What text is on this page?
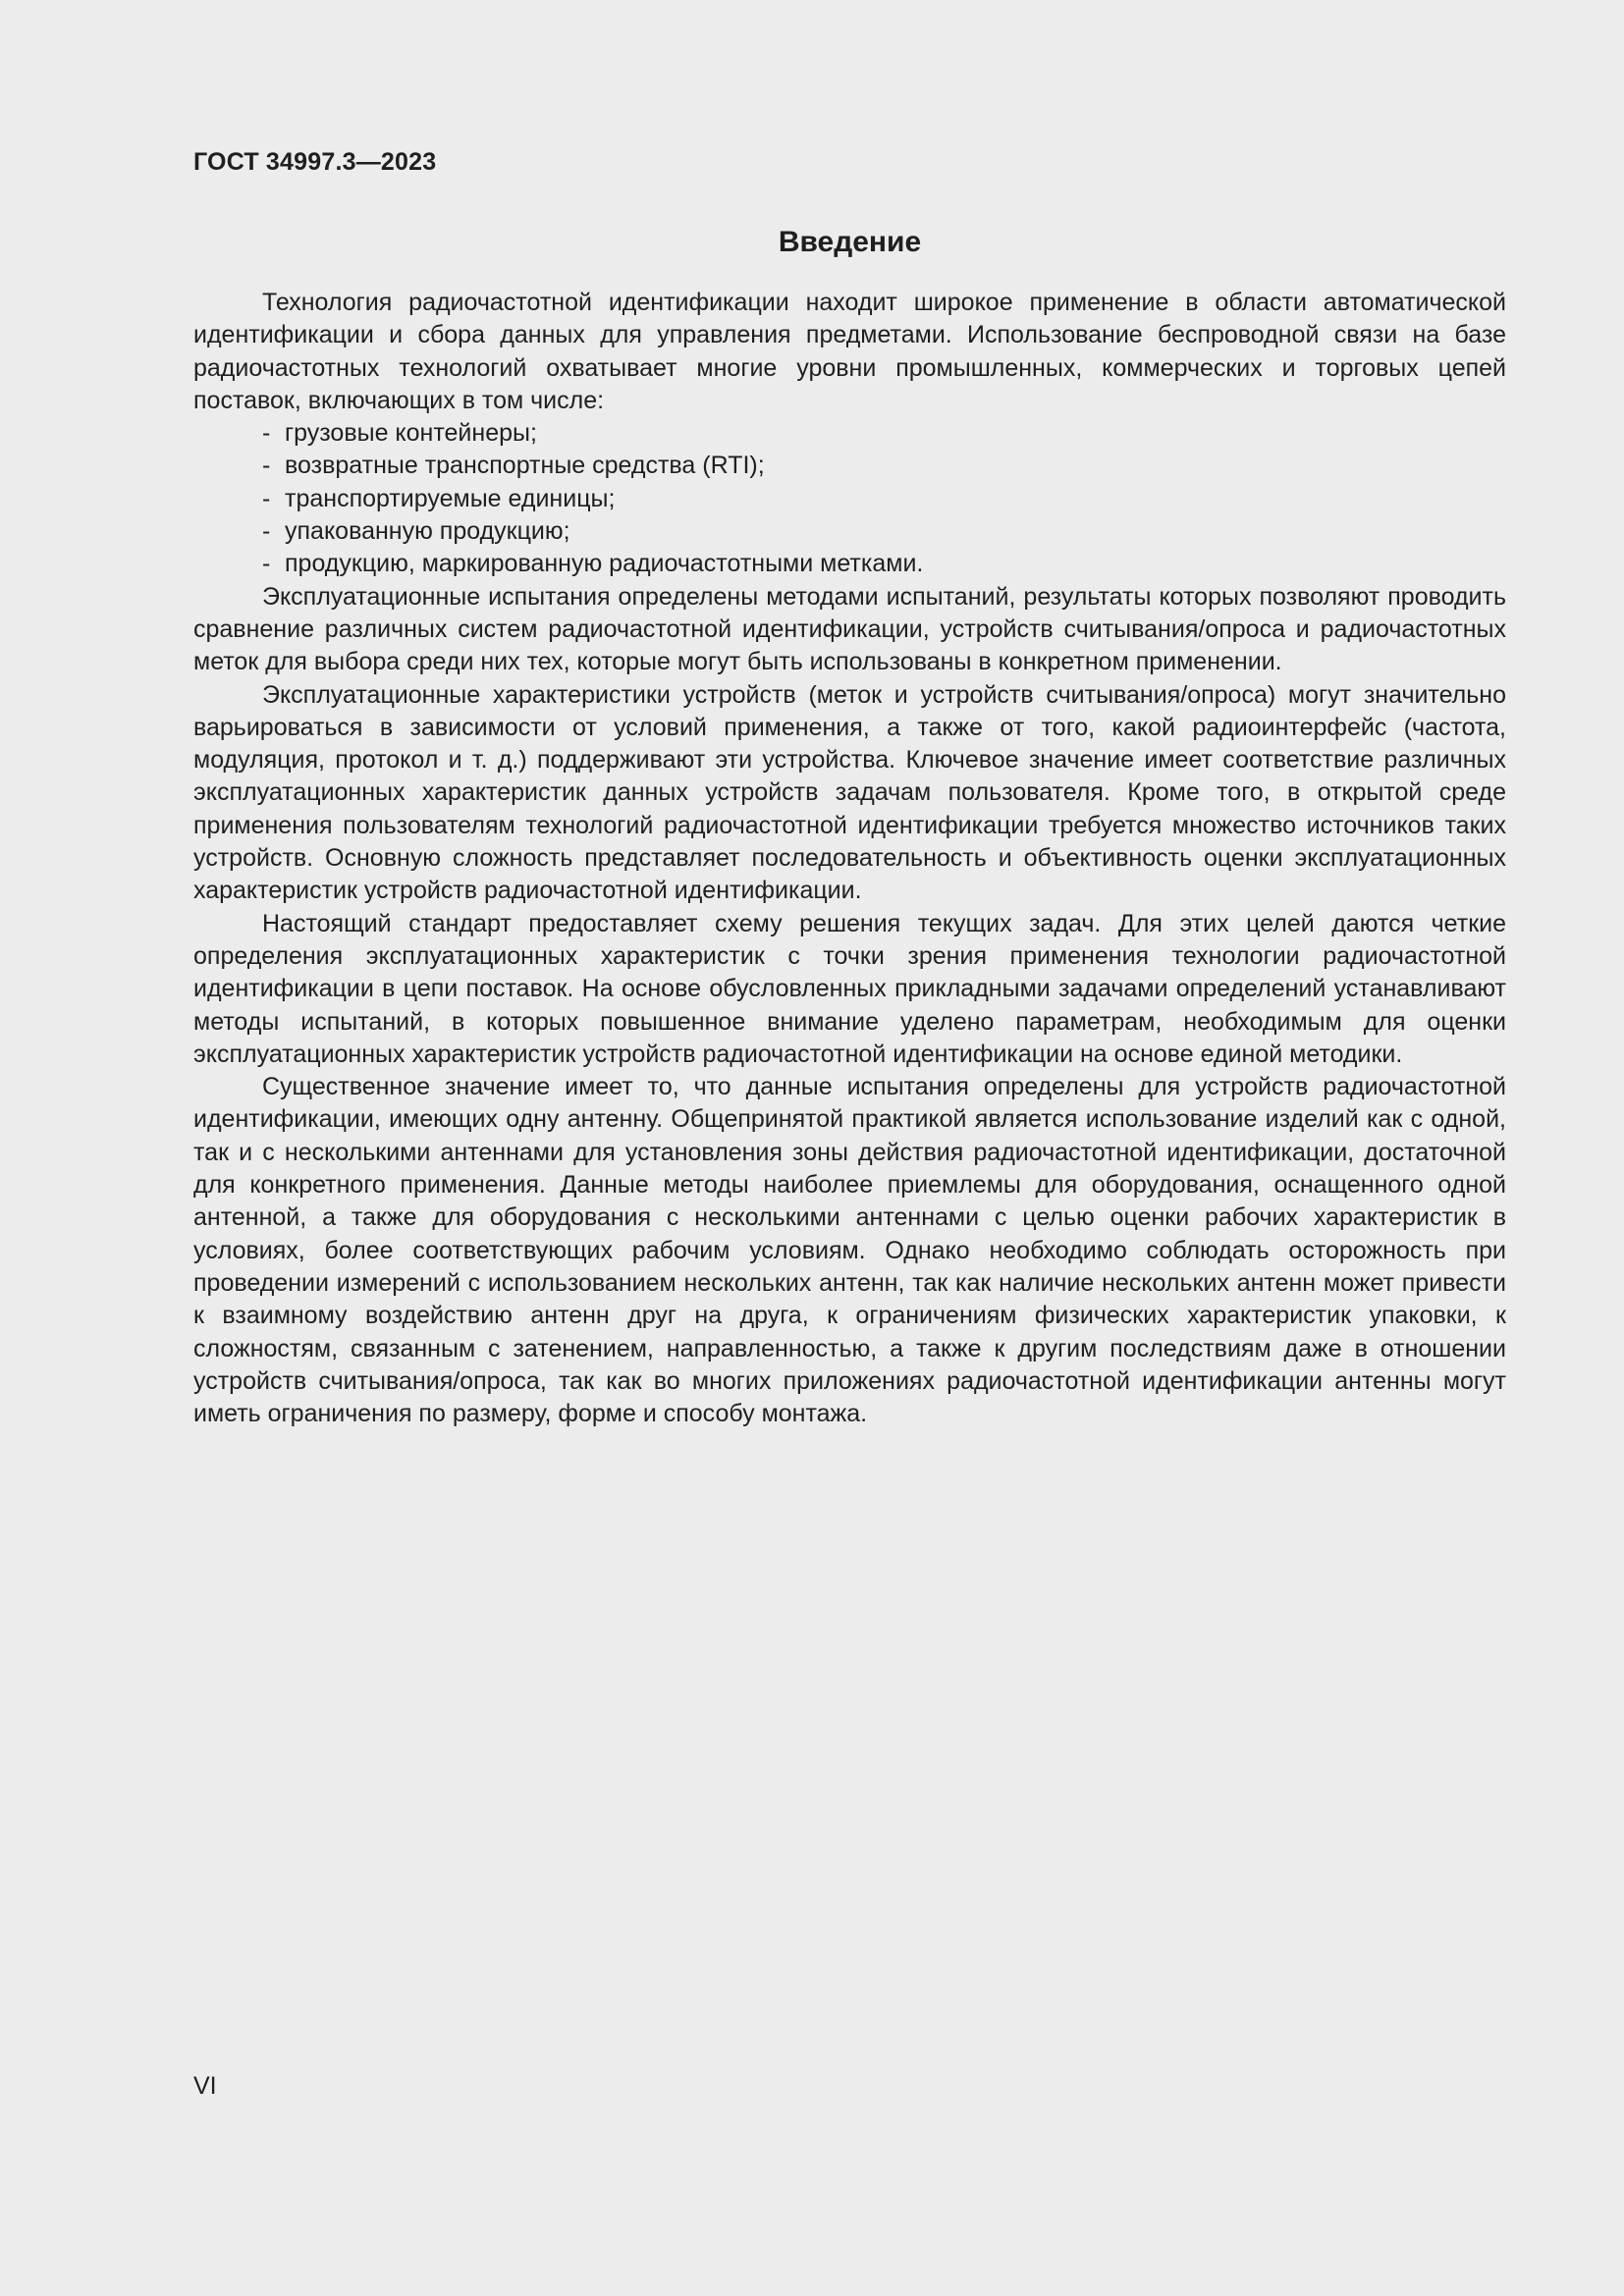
ГОСТ 34997.3—2023
Введение

Технология радиочастотной идентификации находит широкое применение в области автоматической идентификации и сбора данных для управления предметами. Использование беспроводной связи на базе радиочастотных технологий охватывает многие уровни промышленных, коммерческих и торговых цепей поставок, включающих в том числе:

- грузовые контейнеры;
- возвратные транспортные средства (RTI);
- транспортируемые единицы;
- упакованную продукцию;
- продукцию, маркированную радиочастотными метками.

Эксплуатационные испытания определены методами испытаний, результаты которых позволяют проводить сравнение различных систем радиочастотной идентификации, устройств считывания/опроса и радиочастотных меток для выбора среди них тех, которые могут быть использованы в конкретном применении.

Эксплуатационные характеристики устройств (меток и устройств считывания/опроса) могут значительно варьироваться в зависимости от условий применения, а также от того, какой радиоинтерфейс (частота, модуляция, протокол и т. д.) поддерживают эти устройства. Ключевое значение имеет соответствие различных эксплуатационных характеристик данных устройств задачам пользователя. Кроме того, в открытой среде применения пользователям технологий радиочастотной идентификации требуется множество источников таких устройств. Основную сложность представляет последовательность и объективность оценки эксплуатационных характеристик устройств радиочастотной идентификации.

Настоящий стандарт предоставляет схему решения текущих задач. Для этих целей даются четкие определения эксплуатационных характеристик с точки зрения применения технологии радиочастотной идентификации в цепи поставок. На основе обусловленных прикладными задачами определений устанавливают методы испытаний, в которых повышенное внимание уделено параметрам, необходимым для оценки эксплуатационных характеристик устройств радиочастотной идентификации на основе единой методики.

Существенное значение имеет то, что данные испытания определены для устройств радиочастотной идентификации, имеющих одну антенну. Общепринятой практикой является использование изделий как с одной, так и с несколькими антеннами для установления зоны действия радиочастотной идентификации, достаточной для конкретного применения. Данные методы наиболее приемлемы для оборудования, оснащенного одной антенной, а также для оборудования с несколькими антеннами с целью оценки рабочих характеристик в условиях, более соответствующих рабочим условиям. Однако необходимо соблюдать осторожность при проведении измерений с использованием нескольких антенн, так как наличие нескольких антенн может привести к взаимному воздействию антенн друг на друга, к ограничениям физических характеристик упаковки, к сложностям, связанным с затенением, направленностью, а также к другим последствиям даже в отношении устройств считывания/опроса, так как во многих приложениях радиочастотной идентификации антенны могут иметь ограничения по размеру, форме и способу монтажа.

VI
